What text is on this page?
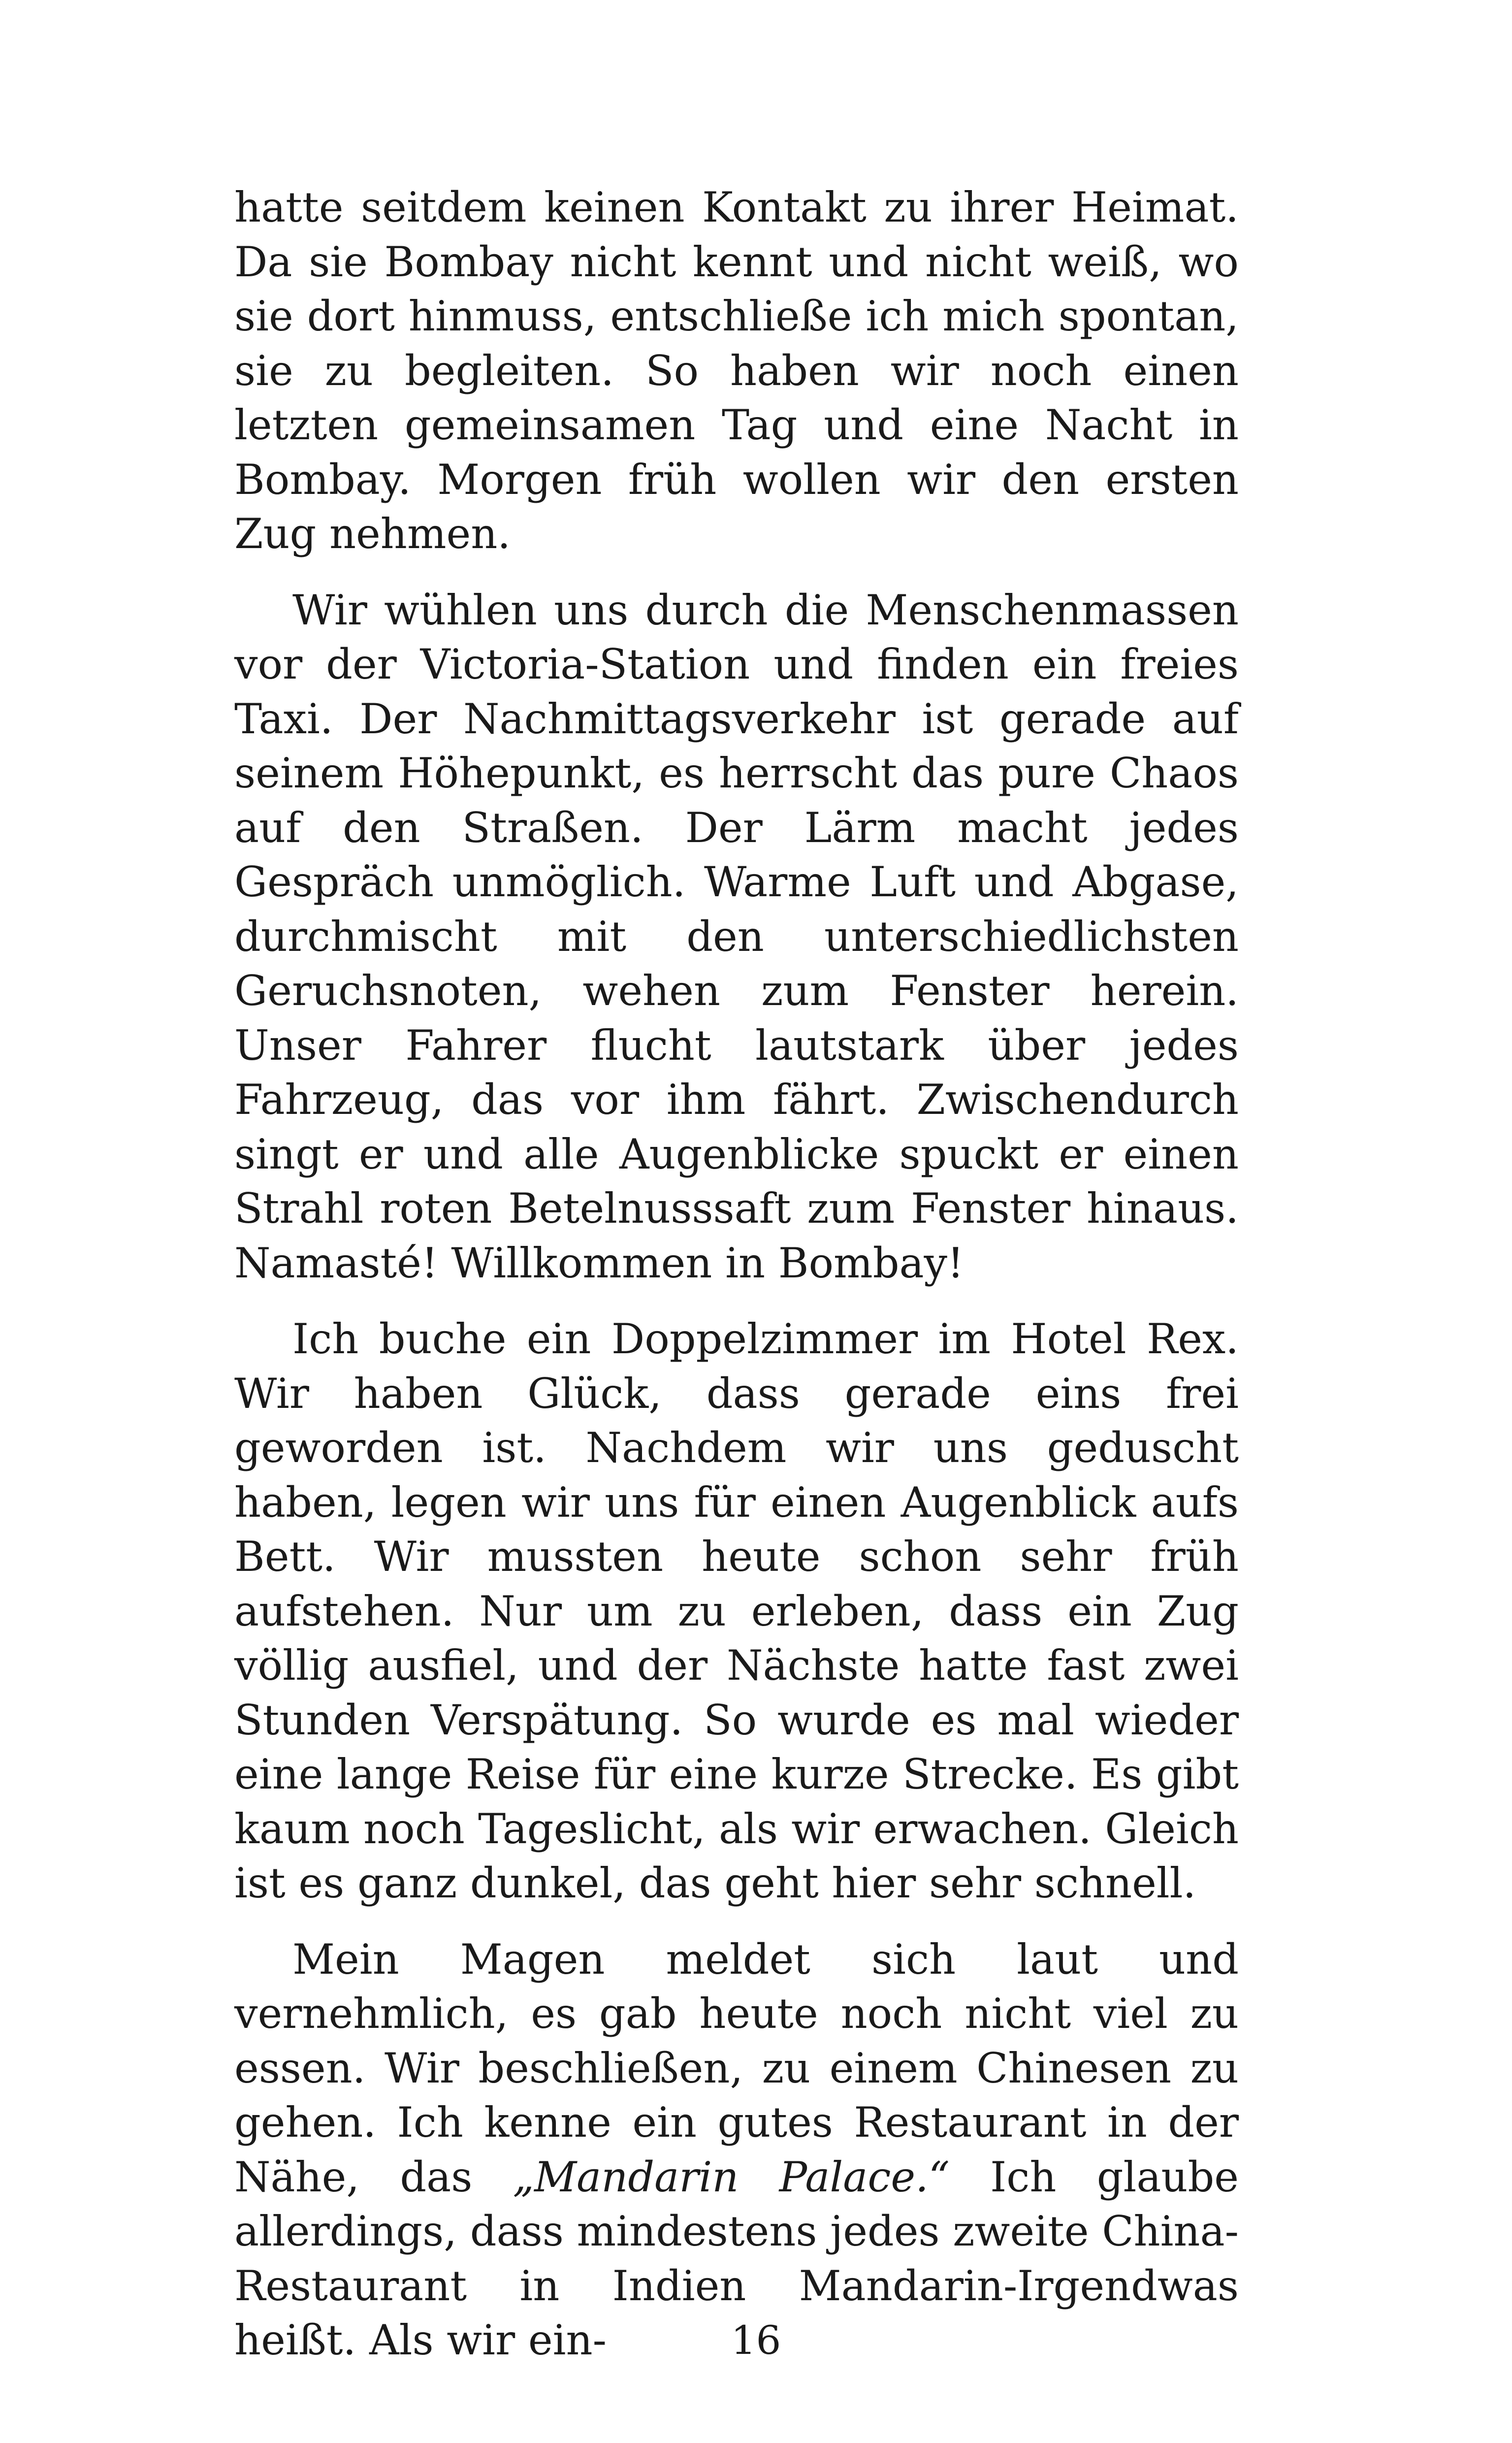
hatte seitdem keinen Kontakt zu ihrer Heimat. Da sie Bombay nicht kennt und nicht weiß, wo sie dort hinmuss, entschließe ich mich spontan, sie zu begleiten. So haben wir noch einen letzten gemeinsamen Tag und eine Nacht in Bombay. Morgen früh wollen wir den ersten Zug nehmen.

Wir wühlen uns durch die Menschenmassen vor der Victoria-Station und finden ein freies Taxi. Der Nachmittagsverkehr ist gerade auf seinem Höhepunkt, es herrscht das pure Chaos auf den Straßen. Der Lärm macht jedes Gespräch unmöglich. Warme Luft und Abgase, durchmischt mit den unterschiedlichsten Geruchsnoten, wehen zum Fenster herein. Unser Fahrer flucht lautstark über jedes Fahrzeug, das vor ihm fährt. Zwischendurch singt er und alle Augenblicke spuckt er einen Strahl roten Betelnusssaft zum Fenster hinaus. Namasté! Willkommen in Bombay!

Ich buche ein Doppelzimmer im Hotel Rex. Wir haben Glück, dass gerade eins frei geworden ist. Nachdem wir uns geduscht haben, legen wir uns für einen Augenblick aufs Bett. Wir mussten heute schon sehr früh aufstehen. Nur um zu erleben, dass ein Zug völlig ausfiel, und der Nächste hatte fast zwei Stunden Verspätung. So wurde es mal wieder eine lange Reise für eine kurze Strecke. Es gibt kaum noch Tageslicht, als wir erwachen. Gleich ist es ganz dunkel, das geht hier sehr schnell.

Mein Magen meldet sich laut und vernehmlich, es gab heute noch nicht viel zu essen. Wir beschließen, zu einem Chinesen zu gehen. Ich kenne ein gutes Restaurant in der Nähe, das „Mandarin Palace.“ Ich glaube allerdings, dass mindestens jedes zweite China-Restaurant in Indien Mandarin-Irgendwas heißt. Als wir ein-	16
